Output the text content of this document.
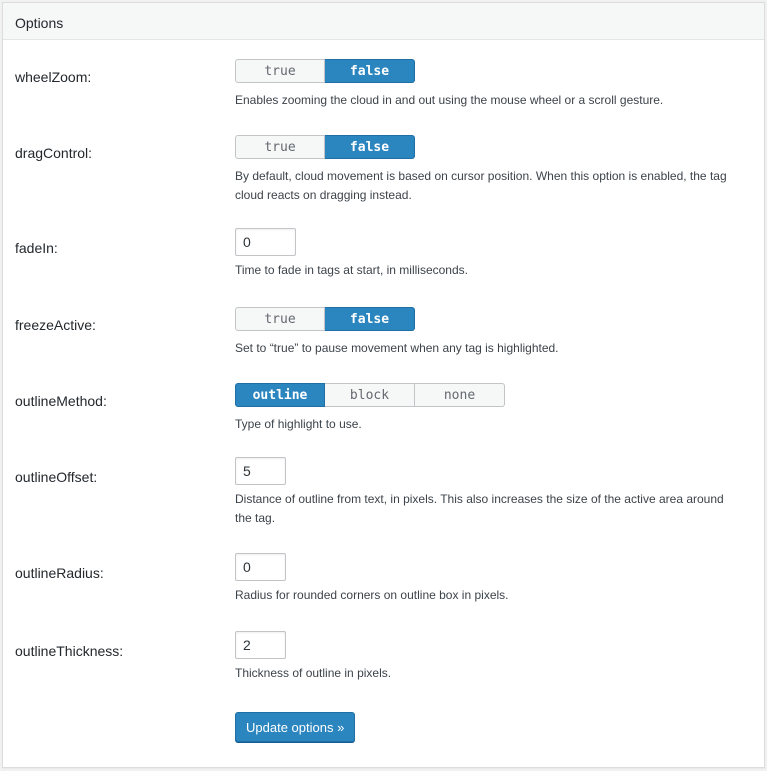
Options
wheelZoom:	true	false
Enables zooming the cloud in and out using the mouse wheel or a scroll gesture.
dragControl:	true	false
By default, cloud movement is based on cursor position. When this option is enabled, the tag cloud reacts on dragging instead.
fadeIn:
0
Time to fade in tags at start, in milliseconds.
freezeActive:	true	false
Set to “true” to pause movement when any tag is highlighted.
outlineMethod:	outline	block	none
Type of highlight to use.
outlineOffset:
5
Distance of outline from text, in pixels. This also increases the size of the active area around the tag.
outlineRadius:
0
Radius for rounded corners on outline box in pixels.
outlineThickness:
2
Thickness of outline in pixels.
Update options »
